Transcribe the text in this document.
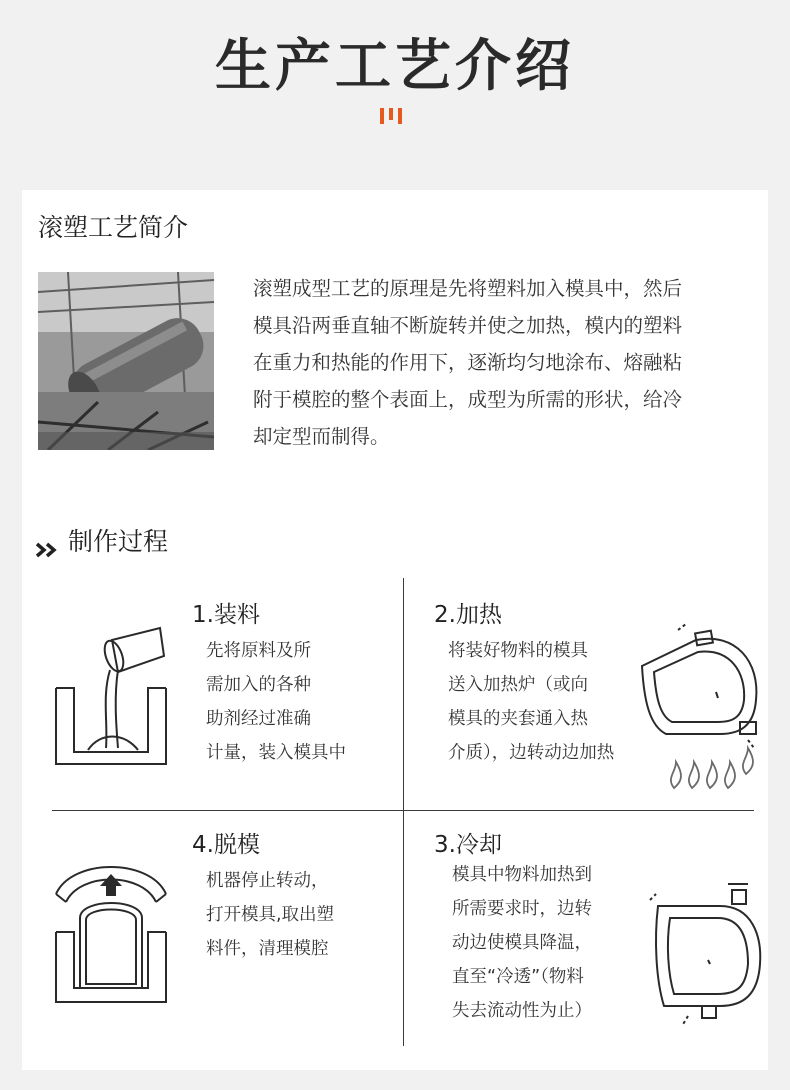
生产工艺介绍
滚塑工艺简介
滚塑成型工艺的原理是先将塑料加入模具中，然后
模具沿两垂直轴不断旋转并使之加热，模内的塑料
在重力和热能的作用下，逐渐均匀地涂布、熔融粘
附于模腔的整个表面上，成型为所需的形状，给冷
却定型而制得。
制作过程
1.装料
先将原料及所
需加入的各种
助剂经过准确
计量，装入模具中
2.加热
将装好物料的模具
送入加热炉（或向
模具的夹套通入热
介质），边转动边加热
4.脱模
机器停止转动，
打开模具,取出塑
料件，清理模腔
3.冷却
模具中物料加热到
所需要求时，边转
动边使模具降温，
直至“冷透”（物料
失去流动性为止）
